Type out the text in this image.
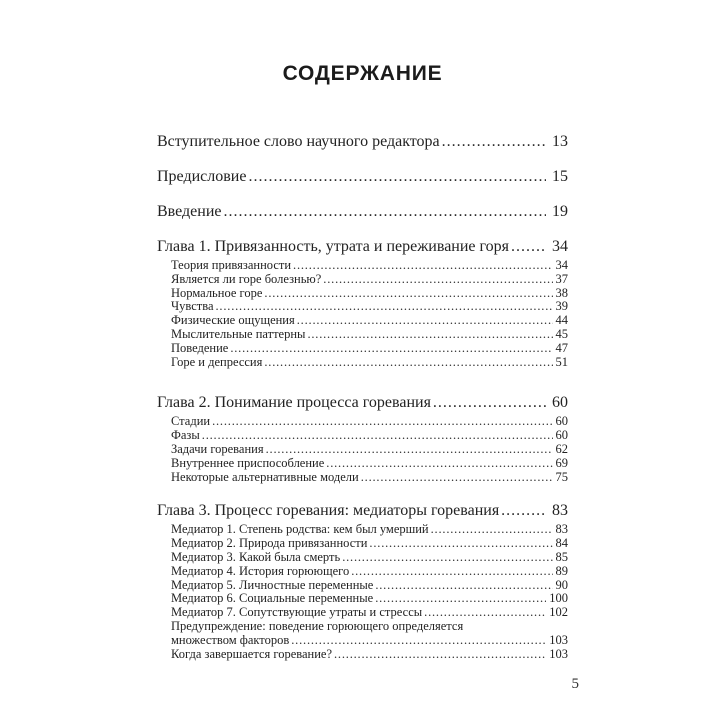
СОДЕРЖАНИЕ
Вступительное слово научного редактора .....	13
Предисловие .....	15
Введение .....	19
Глава 1. Привязанность, утрата и переживание горя .....	34
Теория привязанности .....	34
Является ли горе болезнью? .....	37
Нормальное горе .....	38
Чувства .....	39
Физические ощущения .....	44
Мыслительные паттерны .....	45
Поведение .....	47
Горе и депрессия .....	51
Глава 2. Понимание процесса горевания .....	60
Стадии .....	60
Фазы .....	60
Задачи горевания .....	62
Внутреннее приспособление .....	69
Некоторые альтернативные модели .....	75
Глава 3. Процесс горевания: медиаторы горевания .....	83
Медиатор 1. Степень родства: кем был умерший .....	83
Медиатор 2. Природа привязанности .....	84
Медиатор 3. Какой была смерть .....	85
Медиатор 4. История горюющего .....	89
Медиатор 5. Личностные переменные .....	90
Медиатор 6. Социальные переменные .....	100
Медиатор 7. Сопутствующие утраты и стрессы .....	102
Предупреждение: поведение горюющего определяется
множеством факторов .....	103
Когда завершается горевание? .....	103
5
